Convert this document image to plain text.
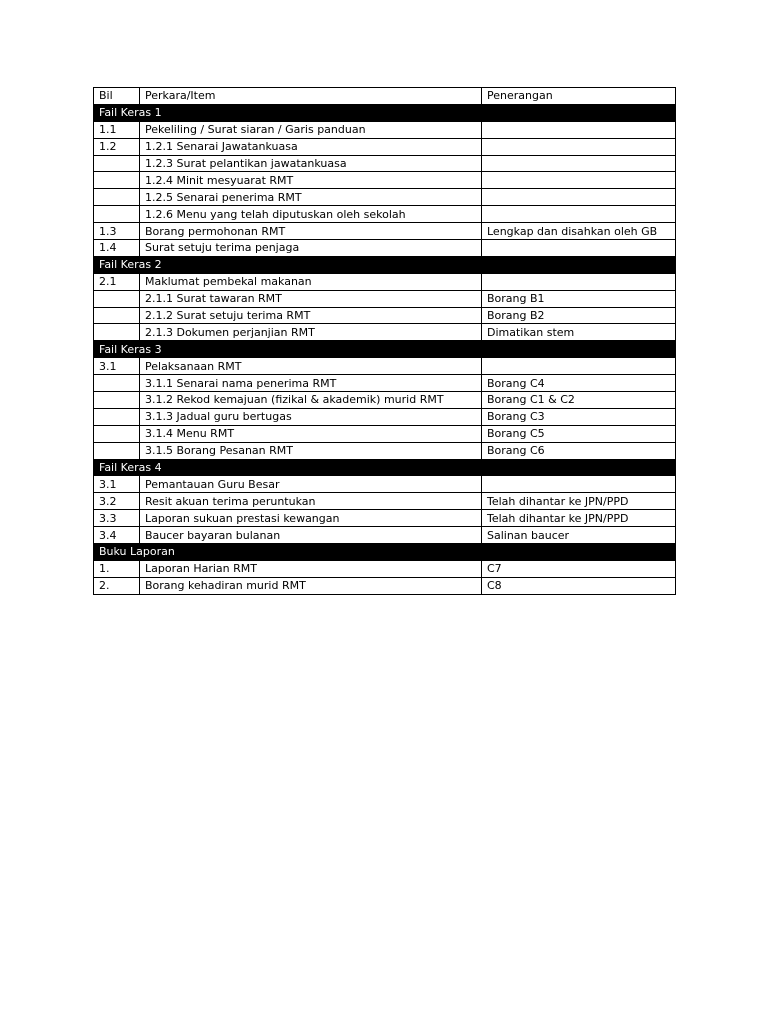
Bil	Perkara/Item	Penerangan
Fail Keras 1		
1.1	Pekeliling / Surat siaran / Garis panduan	
1.2	1.2.1 Senarai Jawatankuasa	
	1.2.3 Surat pelantikan jawatankuasa	
	1.2.4 Minit mesyuarat RMT	
	1.2.5 Senarai penerima RMT	
	1.2.6 Menu yang telah diputuskan oleh sekolah	
1.3	Borang permohonan RMT	Lengkap dan disahkan oleh GB
1.4	Surat setuju terima penjaga	
Fail Keras 2		
2.1	Maklumat pembekal makanan	
	2.1.1 Surat tawaran RMT	Borang B1
	2.1.2 Surat setuju terima RMT	Borang B2
	2.1.3 Dokumen perjanjian RMT	Dimatikan stem
Fail Keras 3		
3.1	Pelaksanaan RMT	
	3.1.1 Senarai nama penerima RMT	Borang C4
	3.1.2 Rekod kemajuan (fizikal & akademik) murid RMT	Borang C1 & C2
	3.1.3 Jadual guru bertugas	Borang C3
	3.1.4 Menu RMT	Borang C5
	3.1.5 Borang Pesanan RMT	Borang C6
Fail Keras 4		
3.1	Pemantauan Guru Besar	
3.2	Resit akuan terima peruntukan	Telah dihantar ke JPN/PPD
3.3	Laporan sukuan prestasi kewangan	Telah dihantar ke JPN/PPD
3.4	Baucer bayaran bulanan	Salinan baucer
Buku Laporan		
1.	Laporan Harian RMT	C7
2.	Borang kehadiran murid RMT	C8
